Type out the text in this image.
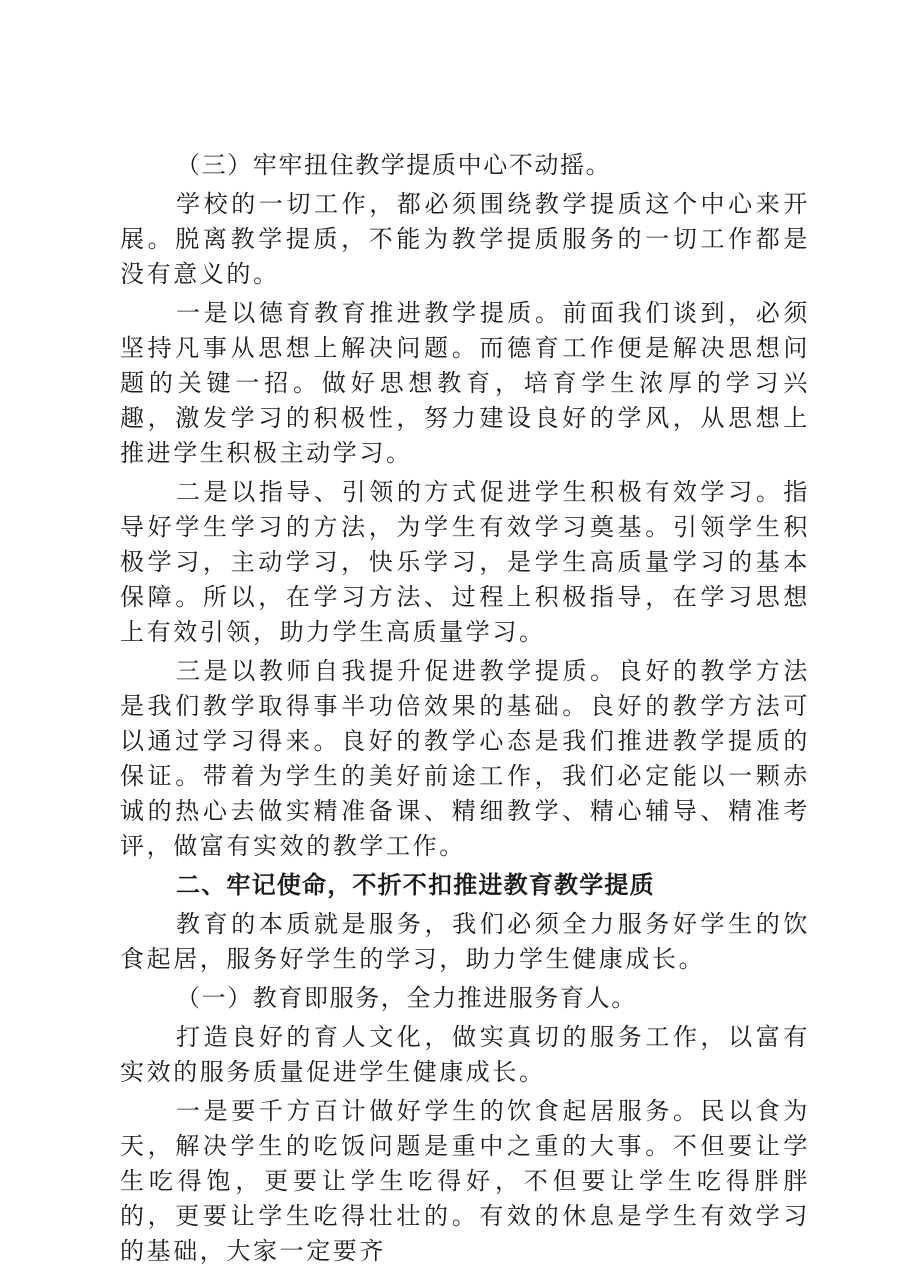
（三）牢牢扭住教学提质中心不动摇。

学校的一切工作，都必须围绕教学提质这个中心来开展。脱离教学提质，不能为教学提质服务的一切工作都是没有意义的。

一是以德育教育推进教学提质。前面我们谈到，必须坚持凡事从思想上解决问题。而德育工作便是解决思想问题的关键一招。做好思想教育，培育学生浓厚的学习兴趣，激发学习的积极性，努力建设良好的学风，从思想上推进学生积极主动学习。

二是以指导、引领的方式促进学生积极有效学习。指导好学生学习的方法，为学生有效学习奠基。引领学生积极学习，主动学习，快乐学习，是学生高质量学习的基本保障。所以，在学习方法、过程上积极指导，在学习思想上有效引领，助力学生高质量学习。

三是以教师自我提升促进教学提质。良好的教学方法是我们教学取得事半功倍效果的基础。良好的教学方法可以通过学习得来。良好的教学心态是我们推进教学提质的保证。带着为学生的美好前途工作，我们必定能以一颗赤诚的热心去做实精准备课、精细教学、精心辅导、精准考评，做富有实效的教学工作。

二、牢记使命，不折不扣推进教育教学提质

教育的本质就是服务，我们必须全力服务好学生的饮食起居，服务好学生的学习，助力学生健康成长。

（一）教育即服务，全力推进服务育人。

打造良好的育人文化，做实真切的服务工作，以富有实效的服务质量促进学生健康成长。

一是要千方百计做好学生的饮食起居服务。民以食为天，解决学生的吃饭问题是重中之重的大事。不但要让学生吃得饱，更要让学生吃得好，不但要让学生吃得胖胖的，更要让学生吃得壮壮的。有效的休息是学生有效学习的基础，大家一定要齐
